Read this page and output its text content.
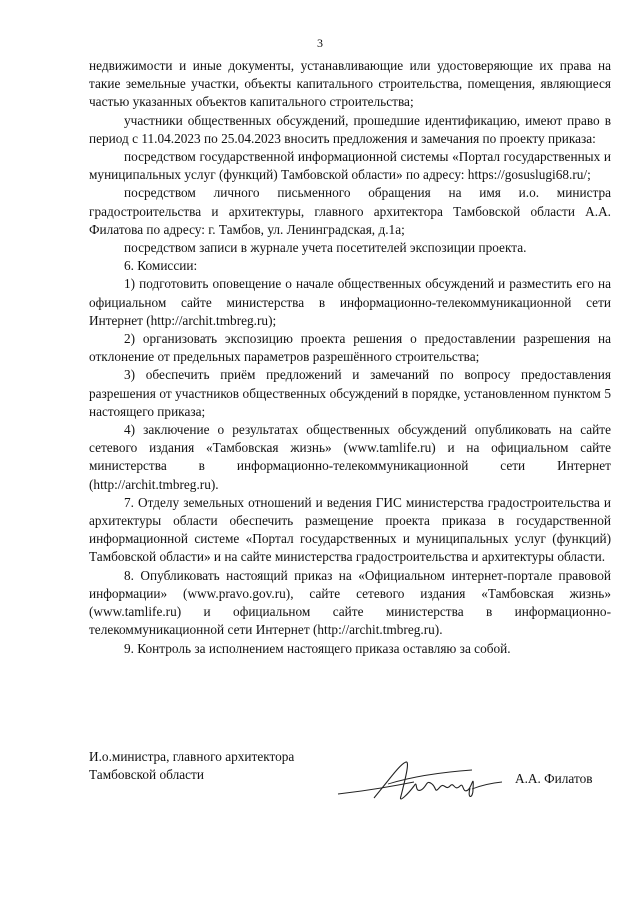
3

недвижимости и иные документы, устанавливающие или удостоверяющие их права на такие земельные участки, объекты капитального строительства, помещения, являющиеся частью указанных объектов капитального строительства;

участники общественных обсуждений, прошедшие идентификацию, имеют право в период с 11.04.2023 по 25.04.2023 вносить предложения и замечания по проекту приказа:

посредством государственной информационной системы «Портал государственных и муниципальных услуг (функций) Тамбовской области» по адресу: https://gosuslugi68.ru/;

посредством личного письменного обращения на имя и.о. министра градостроительства и архитектуры, главного архитектора Тамбовской области А.А. Филатова по адресу: г. Тамбов, ул. Ленинградская, д.1а;

посредством записи в журнале учета посетителей экспозиции проекта.

6. Комиссии:

1) подготовить оповещение о начале общественных обсуждений и разместить его на официальном сайте министерства в информационно-телекоммуникационной сети Интернет (http://archit.tmbreg.ru);

2) организовать экспозицию проекта решения о предоставлении разрешения на отклонение от предельных параметров разрешённого строительства;

3) обеспечить приём предложений и замечаний по вопросу предоставления разрешения от участников общественных обсуждений в порядке, установленном пунктом 5 настоящего приказа;

4) заключение о результатах общественных обсуждений опубликовать на сайте сетевого издания «Тамбовская жизнь» (www.tamlife.ru) и на официальном сайте министерства в информационно-телекоммуникационной сети Интернет (http://archit.tmbreg.ru).

7. Отделу земельных отношений и ведения ГИС министерства градостроительства и архитектуры области обеспечить размещение проекта приказа в государственной информационной системе «Портал государственных и муниципальных услуг (функций) Тамбовской области» и на сайте министерства градостроительства и архитектуры области.

8. Опубликовать настоящий приказ на «Официальном интернет-портале правовой информации» (www.pravo.gov.ru), сайте сетевого издания «Тамбовская жизнь» (www.tamlife.ru) и официальном сайте министерства в информационно-телекоммуникационной сети Интернет (http://archit.tmbreg.ru).

9. Контроль за исполнением настоящего приказа оставляю за собой.

И.о.министра, главного архитектора
Тамбовской области	А.А. Филатов
